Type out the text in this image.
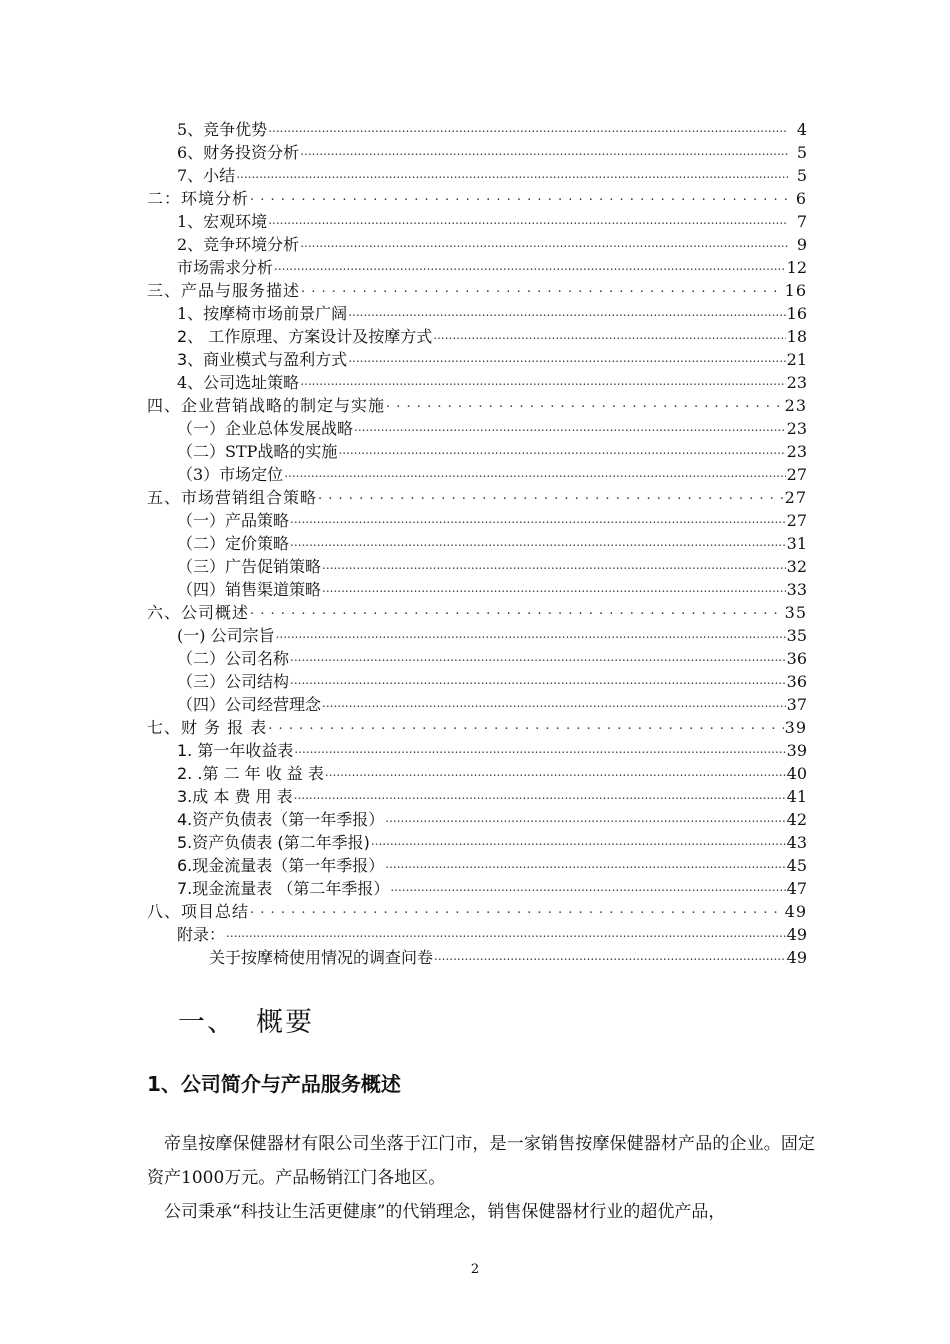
5、竞争优势 .....	4
6、财务投资分析 .....	5
7、小结 .....	5
二：环境分析 . . .	6
1、宏观环境 .....	7
2、竞争环境分析 .....	9
市场需求分析 .....	12
三、产品与服务描述 . . .	16
1、按摩椅市场前景广阔 .....	16
2、 工作原理、方案设计及按摩方式 .....	18
3、商业模式与盈利方式 .....	21
4、公司选址策略 .....	23
四、企业营销战略的制定与实施 . . .	23
（一）企业总体发展战略 .....	23
（二）STP战略的实施 .....	23
（3）市场定位 .....	27
五、市场营销组合策略 . . .	27
（一）产品策略 .....	27
（二）定价策略 .....	31
（三）广告促销策略 .....	32
（四）销售渠道策略 .....	33
六、公司概述 . . .	35
(一) 公司宗旨 .....	35
（二）公司名称 .....	36
（三）公司结构 .....	36
（四）公司经营理念 .....	37
七、财 务 报 表 . . .	39
1. 第一年收益表 .....	39
2. .第 二 年 收 益 表 .....	40
3.成 本 费 用 表 .....	41
4.资产负债表（第一年季报） .....	42
5.资产负债表 (第二年季报) .....	43
6.现金流量表（第一年季报） .....	45
7.现金流量表 （第二年季报） .....	47
八、项目总结 . . .	49
附录： .....	49
关于按摩椅使用情况的调查问卷 .....	49
一、 概要
1、公司简介与产品服务概述

帝皇按摩保健器材有限公司坐落于江门市，是一家销售按摩保健器材产品的企业。固定资产1000万元。产品畅销江门各地区。

公司秉承“科技让生活更健康”的代销理念，销售保健器材行业的超优产品，

2
